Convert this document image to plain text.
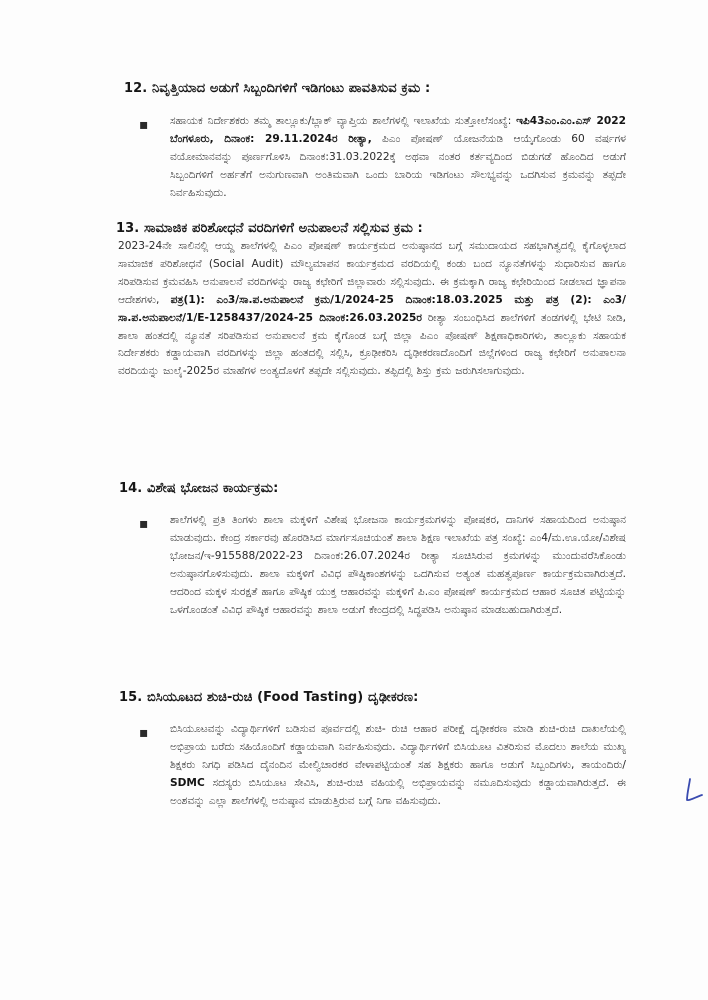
12. ನಿವೃತ್ತಿಯಾದ ಅಡುಗೆ ಸಿಬ್ಬಂದಿಗಳಿಗೆ ಇಡಿಗಂಟು ಪಾವತಿಸುವ ಕ್ರಮ :
▪ ಸಹಾಯಕ ನಿರ್ದೇಶಕರು ತಮ್ಮ ತಾಲ್ಲೂಕು/ಬ್ಲಾಕ್ ವ್ಯಾಪ್ತಿಯ ಶಾಲೆಗಳಲ್ಲಿ ಇಲಾಖೆಯ ಸುತ್ತೋಲೆಸಂಖ್ಯೆ: ಇಪಿ43ಎಂ.ಎಂ.ಎಸ್ 2022 ಬೆಂಗಳೂರು, ದಿನಾಂಕ: 29.11.2024ರ ರೀತ್ಯಾ, ಪಿಎಂ ಪೋಷಣ್ ಯೋಜನೆಯಡಿ ಆಯ್ಕೆಗೊಂಡು 60 ವರ್ಷಗಳ ವಯೋಮಾನವನ್ನು ಪೂರ್ಣಗೊಳಿಸಿ ದಿನಾಂಕ:31.03.2022ಕ್ಕೆ ಅಥವಾ ನಂತರ ಕರ್ತವ್ಯದಿಂದ ಬಿಡುಗಡೆ ಹೊಂದಿದ ಅಡುಗೆ ಸಿಬ್ಬಂದಿಗಳಿಗೆ ಅರ್ಹತೆಗೆ ಅನುಗುಣವಾಗಿ ಅಂತಿಮವಾಗಿ ಒಂದು ಬಾರಿಯ ಇಡಿಗಂಟು ಸೌಲಭ್ಯವನ್ನು ಒದಗಿಸುವ ಕ್ರಮವನ್ನು ತಪ್ಪದೇ ನಿರ್ವಹಿಸುವುದು.
13. ಸಾಮಾಜಿಕ ಪರಿಶೋಧನೆ ವರದಿಗಳಿಗೆ ಅನುಪಾಲನೆ ಸಲ್ಲಿಸುವ ಕ್ರಮ :
2023-24ನೇ ಸಾಲಿನಲ್ಲಿ ಆಯ್ದ ಶಾಲೆಗಳಲ್ಲಿ ಪಿಎಂ ಪೋಷಣ್ ಕಾರ್ಯಕ್ರಮದ ಅನುಷ್ಠಾನದ ಬಗ್ಗೆ ಸಮುದಾಯದ ಸಹಭಾಗಿತ್ವದಲ್ಲಿ ಕೈಗೊಳ್ಳಲಾದ ಸಾಮಾಜಿಕ ಪರಿಶೋಧನೆ (Social Audit) ಮೌಲ್ಯಮಾಪನ ಕಾರ್ಯಕ್ರಮದ ವರದಿಯಲ್ಲಿ ಕಂಡು ಬಂದ ನ್ಯೂನತೆಗಳನ್ನು ಸುಧಾರಿಸುವ ಹಾಗೂ ಸರಿಪಡಿಸುವ ಕ್ರಮವಹಿಸಿ ಅನುಪಾಲನೆ ವರದಿಗಳನ್ನು ರಾಜ್ಯ ಕಛೇರಿಗೆ ಜಿಲ್ಲಾವಾರು ಸಲ್ಲಿಸುವುದು. ಈ ಕ್ರಮಕ್ಕಾಗಿ ರಾಜ್ಯ ಕಛೇರಿಯಿಂದ ನೀಡಲಾದ ಜ್ಞಾಪನಾ ಆದೇಶಗಳು, ಪತ್ರ(1): ಎಂ3/ಸಾ.ಪ.ಅನುಪಾಲನೆ ಕ್ರಮ/1/2024-25 ದಿನಾಂಕ:18.03.2025 ಮತ್ತು ಪತ್ರ (2): ಎಂ3/ಸಾ.ಪ.ಅನುಪಾಲನೆ/1/E-1258437/2024-25 ದಿನಾಂಕ:26.03.2025ರ ರೀತ್ಯಾ ಸಂಬಂಧಿಸಿದ ಶಾಲೆಗಳಿಗೆ ತಂಡಗಳಲ್ಲಿ ಭೇಟಿ ನೀಡಿ, ಶಾಲಾ ಹಂತದಲ್ಲಿ ನ್ಯೂನತೆ ಸರಿಪಡಿಸುವ ಅನುಪಾಲನೆ ಕ್ರಮ ಕೈಗೊಂಡ ಬಗ್ಗೆ ಜಿಲ್ಲಾ ಪಿಎಂ ಪೋಷಣ್ ಶಿಕ್ಷಣಾಧಿಕಾರಿಗಳು, ತಾಲ್ಲೂಕು ಸಹಾಯಕ ನಿರ್ದೇಶಕರು ಕಡ್ಡಾಯವಾಗಿ ವರದಿಗಳನ್ನು ಜಿಲ್ಲಾ ಹಂತದಲ್ಲಿ ಸಲ್ಲಿಸಿ, ಕ್ರೂಢೀಕರಿಸಿ ದೃಢೀಕರಣದೊಂದಿಗೆ ಜಿಲ್ಲೆಗಳಿಂದ ರಾಜ್ಯ ಕಛೇರಿಗೆ ಅನುಪಾಲನಾ ವರದಿಯನ್ನು ಜುಲೈ-2025ರ ಮಾಹೆಗಳ ಅಂತ್ಯದೊಳಗೆ ತಪ್ಪದೇ ಸಲ್ಲಿಸುವುದು. ತಪ್ಪಿದಲ್ಲಿ ಶಿಸ್ತು ಕ್ರಮ ಜರುಗಿಸಲಾಗುವುದು.
14. ವಿಶೇಷ ಭೋಜನ ಕಾರ್ಯಕ್ರಮ:
▪ ಶಾಲೆಗಳಲ್ಲಿ ಪ್ರತಿ ತಿಂಗಳು ಶಾಲಾ ಮಕ್ಕಳಿಗೆ ವಿಶೇಷ ಭೋಜನಾ ಕಾರ್ಯಕ್ರಮಗಳನ್ನು ಪೋಷಕರ, ದಾನಿಗಳ ಸಹಾಯದಿಂದ ಅನುಷ್ಠಾನ ಮಾಡುವುದು. ಕೇಂದ್ರ ಸರ್ಕಾರವು ಹೊರಡಿಸಿದ ಮಾರ್ಗಸೂಚಿಯಂತೆ ಶಾಲಾ ಶಿಕ್ಷಣ ಇಲಾಖೆಯ ಪತ್ರ ಸಂಖ್ಯೆ: ಎಂ4/ಮ.ಊ.ಯೋ/ವಿಶೇಷ ಭೋಜನ/ಇ-915588/2022-23 ದಿನಾಂಕ:26.07.2024ರ ರೀತ್ಯಾ ಸೂಚಿಸಿರುವ ಕ್ರಮಗಳನ್ನು ಮುಂದುವರೆಸಿಕೊಂಡು ಅನುಷ್ಠಾನಗೊಳಿಸುವುದು. ಶಾಲಾ ಮಕ್ಕಳಿಗೆ ವಿವಿಧ ಪೌಷ್ಠಿಕಾಂಶಗಳನ್ನು ಒದಗಿಸುವ ಅತ್ಯಂತ ಮಹತ್ವಪೂರ್ಣ ಕಾರ್ಯಕ್ರಮವಾಗಿರುತ್ತದೆ. ಆದರಿಂದ ಮಕ್ಕಳ ಸುರಕ್ಷತೆ ಹಾಗೂ ಪೌಷ್ಠಿಕ ಯುಕ್ತ ಆಹಾರವನ್ನು ಮಕ್ಕಳಿಗೆ ಪಿ.ಎಂ ಪೋಷಣ್ ಕಾರ್ಯಕ್ರಮದ ಆಹಾರ ಸೂಚಿತ ಪಟ್ಟಿಯನ್ನು ಒಳಗೊಂಡಂತೆ ವಿವಿಧ ಪೌಷ್ಠಿಕ ಆಹಾರವನ್ನು ಶಾಲಾ ಅಡುಗೆ ಕೇಂದ್ರದಲ್ಲಿ ಸಿದ್ಧಪಡಿಸಿ ಅನುಷ್ಠಾನ ಮಾಡಬಹುದಾಗಿರುತ್ತದೆ.
15. ಬಿಸಿಯೂಟದ ಶುಚಿ-ರುಚಿ (Food Tasting) ದೃಢೀಕರಣ:
▪ ಬಿಸಿಯೂಟವನ್ನು ವಿದ್ಯಾರ್ಥಿಗಳಿಗೆ ಬಡಿಸುವ ಪೂರ್ವದಲ್ಲಿ ಶುಚಿ- ರುಚಿ ಆಹಾರ ಪರೀಕ್ಷೆ ದೃಢೀಕರಣ ಮಾಡಿ ಶುಚಿ-ರುಚಿ ದಾಖಲೆಯಲ್ಲಿ ಅಭಿಪ್ರಾಯ ಬರೆದು ಸಹಿಯೊಂದಿಗೆ ಕಡ್ಡಾಯವಾಗಿ ನಿರ್ವಹಿಸುವುದು. ವಿದ್ಯಾರ್ಥಿಗಳಿಗೆ ಬಿಸಿಯೂಟ ವಿತರಿಸುವ ಮೊದಲು ಶಾಲೆಯ ಮುಖ್ಯ ಶಿಕ್ಷಕರು ನಿಗಧಿ ಪಡಿಸಿದ ದೈನಂದಿನ ಮೇಲ್ವಿಚಾರಕರ ವೇಳಾಪಟ್ಟಿಯಂತೆ ಸಹ ಶಿಕ್ಷಕರು ಹಾಗೂ ಅಡುಗೆ ಸಿಬ್ಬಂದಿಗಳು, ತಾಯಂದಿರು/ SDMC ಸದಸ್ಯರು ಬಿಸಿಯೂಟ ಸೇವಿಸಿ, ಶುಚಿ-ರುಚಿ ವಹಿಯಲ್ಲಿ ಅಭಿಪ್ರಾಯವನ್ನು ನಮೂದಿಸುವುದು ಕಡ್ಡಾಯವಾಗಿರುತ್ತದೆ. ಈ ಅಂಶವನ್ನು ಎಲ್ಲಾ ಶಾಲೆಗಳಲ್ಲಿ ಅನುಷ್ಠಾನ ಮಾಡುತ್ತಿರುವ ಬಗ್ಗೆ ನಿಗಾ ವಹಿಸುವುದು.
